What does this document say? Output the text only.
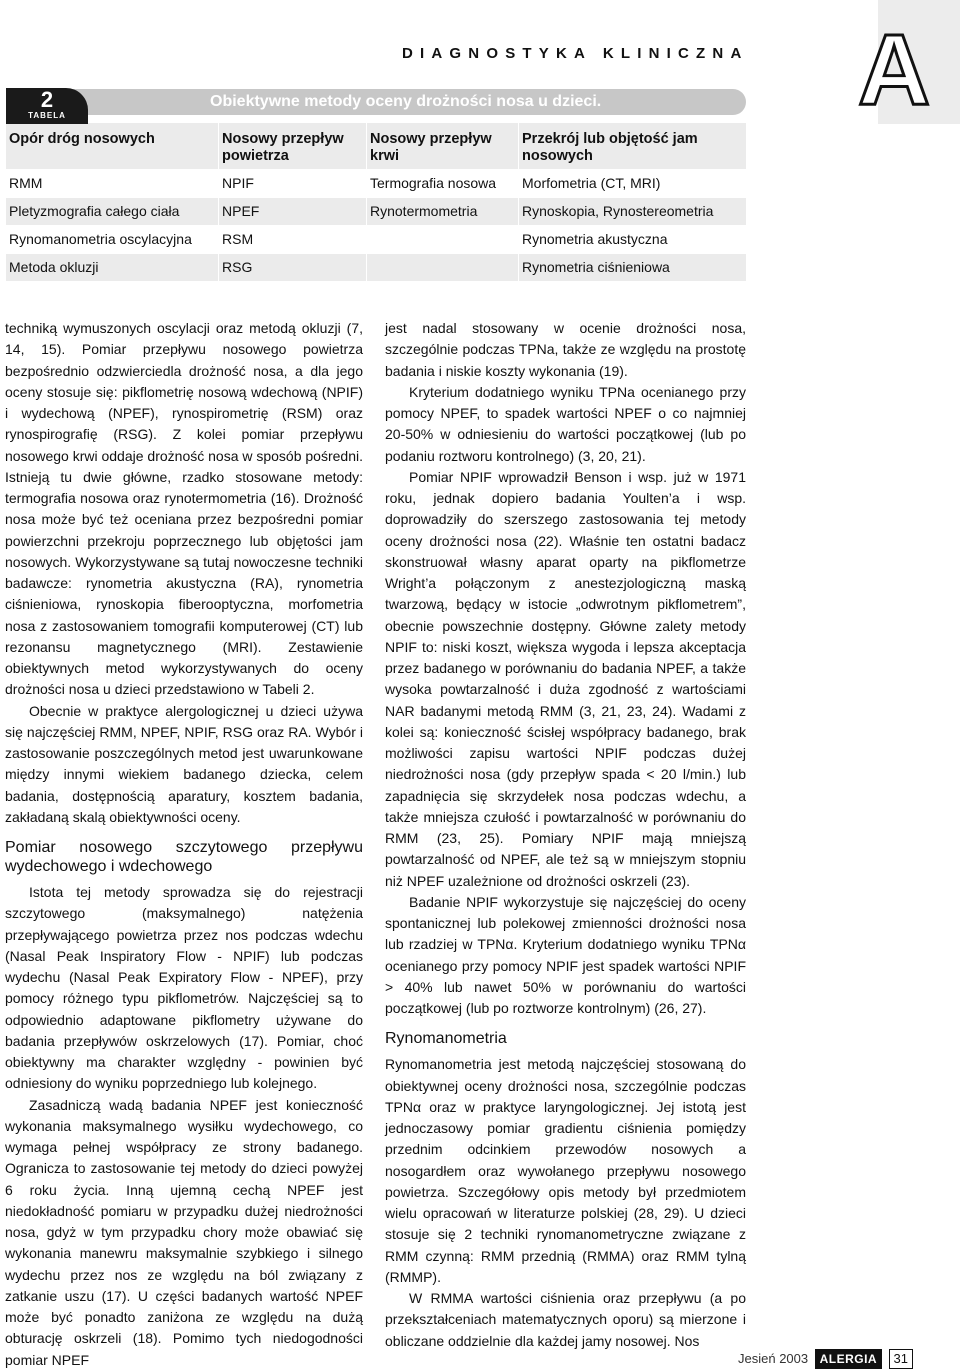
A
DIAGNOSTYKA KLINICZNA
2
TABELA
Obiektywne metody oceny drożności nosa u dzieci.
Opór dróg nosowych	Nosowy przepływ powietrza	Nosowy przepływ krwi	Przekrój lub objętość jam nosowych
RMM	NPIF	Termografia nosowa	Morfometria (CT, MRI)
Pletyzmografia całego ciała	NPEF	Rynotermometria	Rynoskopia, Rynostereometria
Rynomanometria oscylacyjna	RSM		Rynometria akustyczna
Metoda okluzji	RSG		Rynometria ciśnieniowa

techniką wymuszonych oscylacji oraz metodą okluzji (7, 14, 15). Pomiar przepływu nosowego powietrza bezpośrednio odzwierciedla drożność nosa, a dla jego oceny stosuje się: pikflometrię nosową wdechową (NPIF) i wydechową (NPEF), rynospirometrię (RSM) oraz rynospirografię (RSG). Z kolei pomiar przepływu nosowego krwi oddaje drożność nosa w sposób pośredni. Istnieją tu dwie główne, rzadko stosowane metody: termografia nosowa oraz rynotermometria (16). Drożność nosa może być też oceniana przez bezpośredni pomiar powierzchni przekroju poprzecznego lub objętości jam nosowych. Wykorzystywane są tutaj nowoczesne techniki badawcze: rynometria akustyczna (RA), rynometria ciśnieniowa, rynoskopia fiberooptyczna, morfometria nosa z zastosowaniem tomografii komputerowej (CT) lub rezonansu magnetycznego (MRI). Zestawienie obiektywnych metod wykorzystywanych do oceny drożności nosa u dzieci przedstawiono w Tabeli 2.

Obecnie w praktyce alergologicznej u dzieci używa się najczęściej RMM, NPEF, NPIF, RSG oraz RA. Wybór i zastosowanie poszczególnych metod jest uwarunkowane między innymi wiekiem badanego dziecka, celem badania, dostępnością aparatury, kosztem badania, zakładaną skalą obiektywności oceny.

Pomiar nosowego szczytowego przepływu wydechowego i wdechowego

Istota tej metody sprowadza się do rejestracji szczytowego (maksymalnego) natężenia przepływającego powietrza przez nos podczas wdechu (Nasal Peak Inspiratory Flow - NPIF) lub podczas wydechu (Nasal Peak Expiratory Flow - NPEF), przy pomocy różnego typu pikflometrów. Najczęściej są to odpowiednio adaptowane pikflometry używane do badania przepływów oskrzelowych (17). Pomiar, choć obiektywny ma charakter względny - powinien być odniesiony do wyniku poprzedniego lub kolejnego.

Zasadniczą wadą badania NPEF jest konieczność wykonania maksymalnego wysiłku wydechowego, co wymaga pełnej współpracy ze strony badanego. Ogranicza to zastosowanie tej metody do dzieci powyżej 6 roku życia. Inną ujemną cechą NPEF jest niedokładność pomiaru w przypadku dużej niedrożności nosa, gdyż w tym przypadku chory może obawiać się wykonania manewru maksymalnie szybkiego i silnego wydechu przez nos ze względu na ból związany z zatkanie uszu (17). U części badanych wartość NPEF może być ponadto zaniżona ze względu na dużą obturację oskrzeli (18). Pomimo tych niedogodności pomiar NPEF

jest nadal stosowany w ocenie drożności nosa, szczególnie podczas TPNa, także ze względu na prostotę badania i niskie koszty wykonania (19).

Kryterium dodatniego wyniku TPNa ocenianego przy pomocy NPEF, to spadek wartości NPEF o co najmniej 20-50% w odniesieniu do wartości początkowej (lub po podaniu roztworu kontrolnego) (3, 20, 21).

Pomiar NPIF wprowadził Benson i wsp. już w 1971 roku, jednak dopiero badania Youlten’a i wsp. doprowadziły do szerszego zastosowania tej metody oceny drożności nosa (22). Właśnie ten ostatni badacz skonstruował własny aparat oparty na pikflometrze Wright’a połączonym z anestezjologiczną maską twarzową, będący w istocie „odwrotnym pikflometrem”, obecnie powszechnie dostępny. Główne zalety metody NPIF to: niski koszt, większa wygoda i lepsza akceptacja przez badanego w porównaniu do badania NPEF, a także wysoka powtarzalność i duża zgodność z wartościami NAR badanymi metodą RMM (3, 21, 23, 24). Wadami z kolei są: konieczność ścisłej współpracy badanego, brak możliwości zapisu wartości NPIF podczas dużej niedrożności nosa (gdy przepływ spada < 20 l/min.) lub zapadnięcia się skrzydełek nosa podczas wdechu, a także mniejsza czułość i powtarzalność w porównaniu do RMM (23, 25). Pomiary NPIF mają mniejszą powtarzalność od NPEF, ale też są w mniejszym stopniu niż NPEF uzależnione od drożności oskrzeli (23).

Badanie NPIF wykorzystuje się najczęściej do oceny spontanicznej lub polekowej zmienności drożności nosa lub rzadziej w TPNα. Kryterium dodatniego wyniku TPNα ocenianego przy pomocy NPIF jest spadek wartości NPIF > 40% lub nawet 50% w porównaniu do wartości początkowej (lub po roztworze kontrolnym) (26, 27).

Rynomanometria

Rynomanometria jest metodą najczęściej stosowaną do obiektywnej oceny drożności nosa, szczególnie podczas TPNα oraz w praktyce laryngologicznej. Jej istotą jest jednoczasowy pomiar gradientu ciśnienia pomiędzy przednim odcinkiem przewodów nosowych a nosogardłem oraz wywołanego przepływu nosowego powietrza. Szczegółowy opis metody był przedmiotem wielu opracowań w literaturze polskiej (28, 29). U dzieci stosuje się 2 techniki rynomanometryczne związane z RMM czynną: RMM przednią (RMMA) oraz RMM tylną (RMMP).

W RMMA wartości ciśnienia oraz przepływu (a po przekształceniach matematycznych oporu) są mierzone i obliczane oddzielnie dla każdej jamy nosowej. Nos

$^{Jesień 2003}$ ALERGIA 31
